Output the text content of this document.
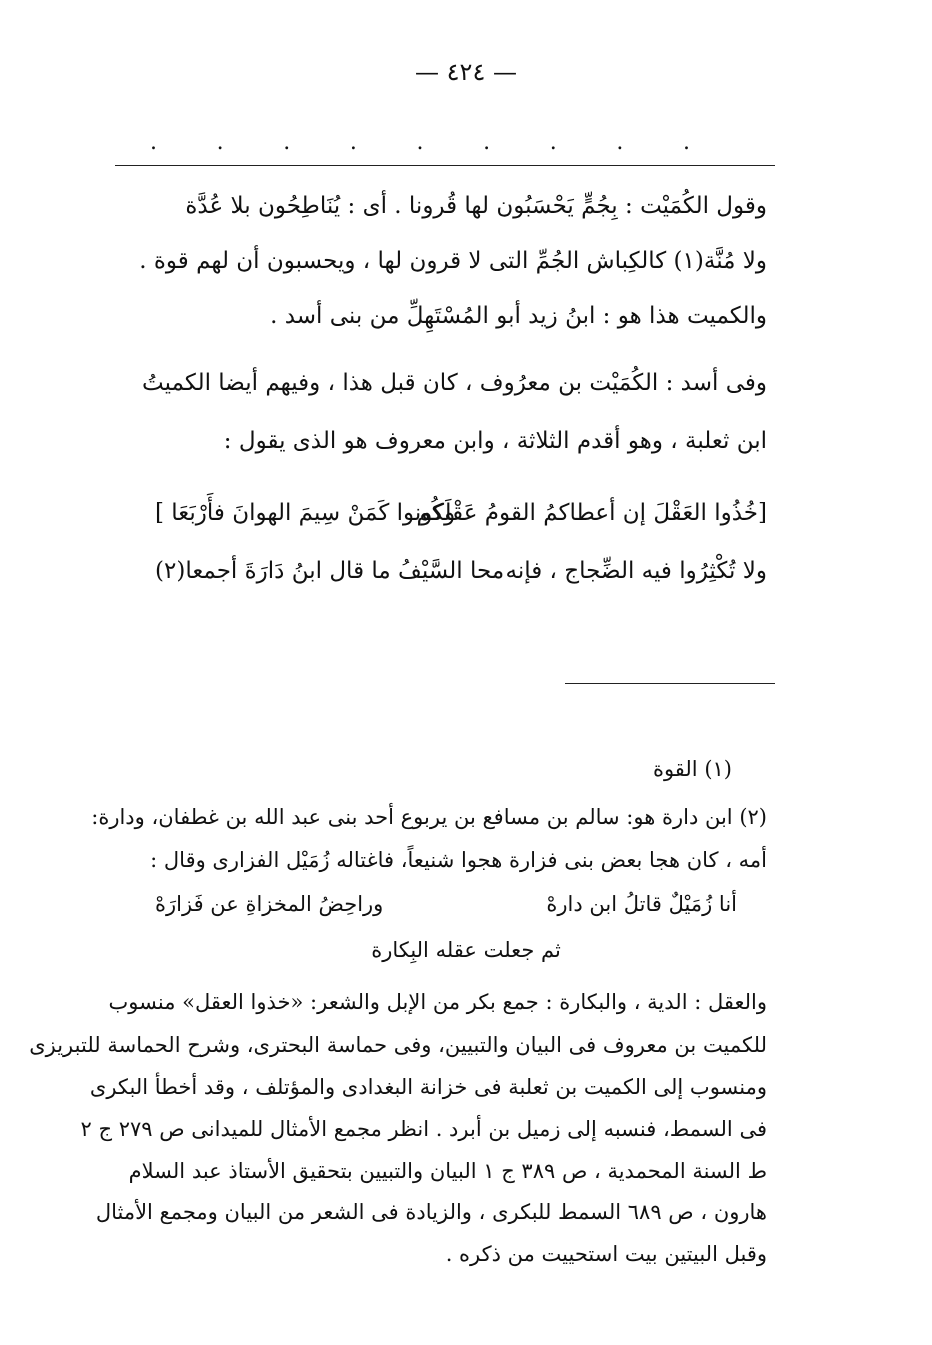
— ٤٢٤ —
.	.	.	.	.	.	.	.	.
وقول الكُمَيْت : بِجُمٍّ يَحْسَبُون لها قُرونا . أى : يُنَاطِحُون بلا عُدَّة
ولا مُنَّة(١) كالكِباش الجُمِّ التى لا قرون لها ، ويحسبون أن لهم قوة .
والكميت هذا هو : ابنُ زيد أبو المُسْتَهِلِّ من بنى أسد .
وفى أسد : الكُمَيْت بن معرُوف ، كان قبل هذا ، وفيهم أيضا الكميتُ
ابن ثعلبة ، وهو أقدم الثلاثة ، وابن معروف هو الذى يقول :
[خُذُوا العَقْلَ إن أعطاكمُ القومُ عَقْلَكُم
وكونوا كَمَنْ سِيمَ الهوانَ فأَرْبَعَا ]
ولا تُكْثِرُوا فيه الضِّجاج ، فإنه
محا السَّيْفُ ما قال ابنُ دَارَةَ أجمعا(٢)
(١) القوة
(٢) ابن دارة هو: سالم بن مسافع بن يربوع أحد بنى عبد الله بن غطفان، ودارة:
أمه ، كان هجا بعض بنى فزارة هجوا شنيعاً، فاغتاله زُمَيْل الفزارى وقال :
أنا زُمَيْلٌ قاتلُ ابن دارهْ
وراحِضُ المخزاةِ عن فَزارَهْ
ثم جعلت عقله البِكارة
والعقل : الدية ، والبكارة : جمع بكر من الإبل والشعر: «خذوا العقل» منسوب
للكميت بن معروف فى البيان والتبيين، وفى حماسة البحترى، وشرح الحماسة للتبريزى
ومنسوب إلى الكميت بن ثعلبة فى خزانة البغدادى والمؤتلف ، وقد أخطأ البكرى
فى السمط، فنسبه إلى زميل بن أبرد . انظر مجمع الأمثال للميدانى ص ٢٧٩ ج ٢
ط السنة المحمدية ، ص ٣٨٩ ج ١ البيان والتبيين بتحقيق الأستاذ عبد السلام
هارون ، ص ٦٨٩ السمط للبكرى ، والزيادة فى الشعر من البيان ومجمع الأمثال
وقبل البيتين بيت استحييت من ذكره .
